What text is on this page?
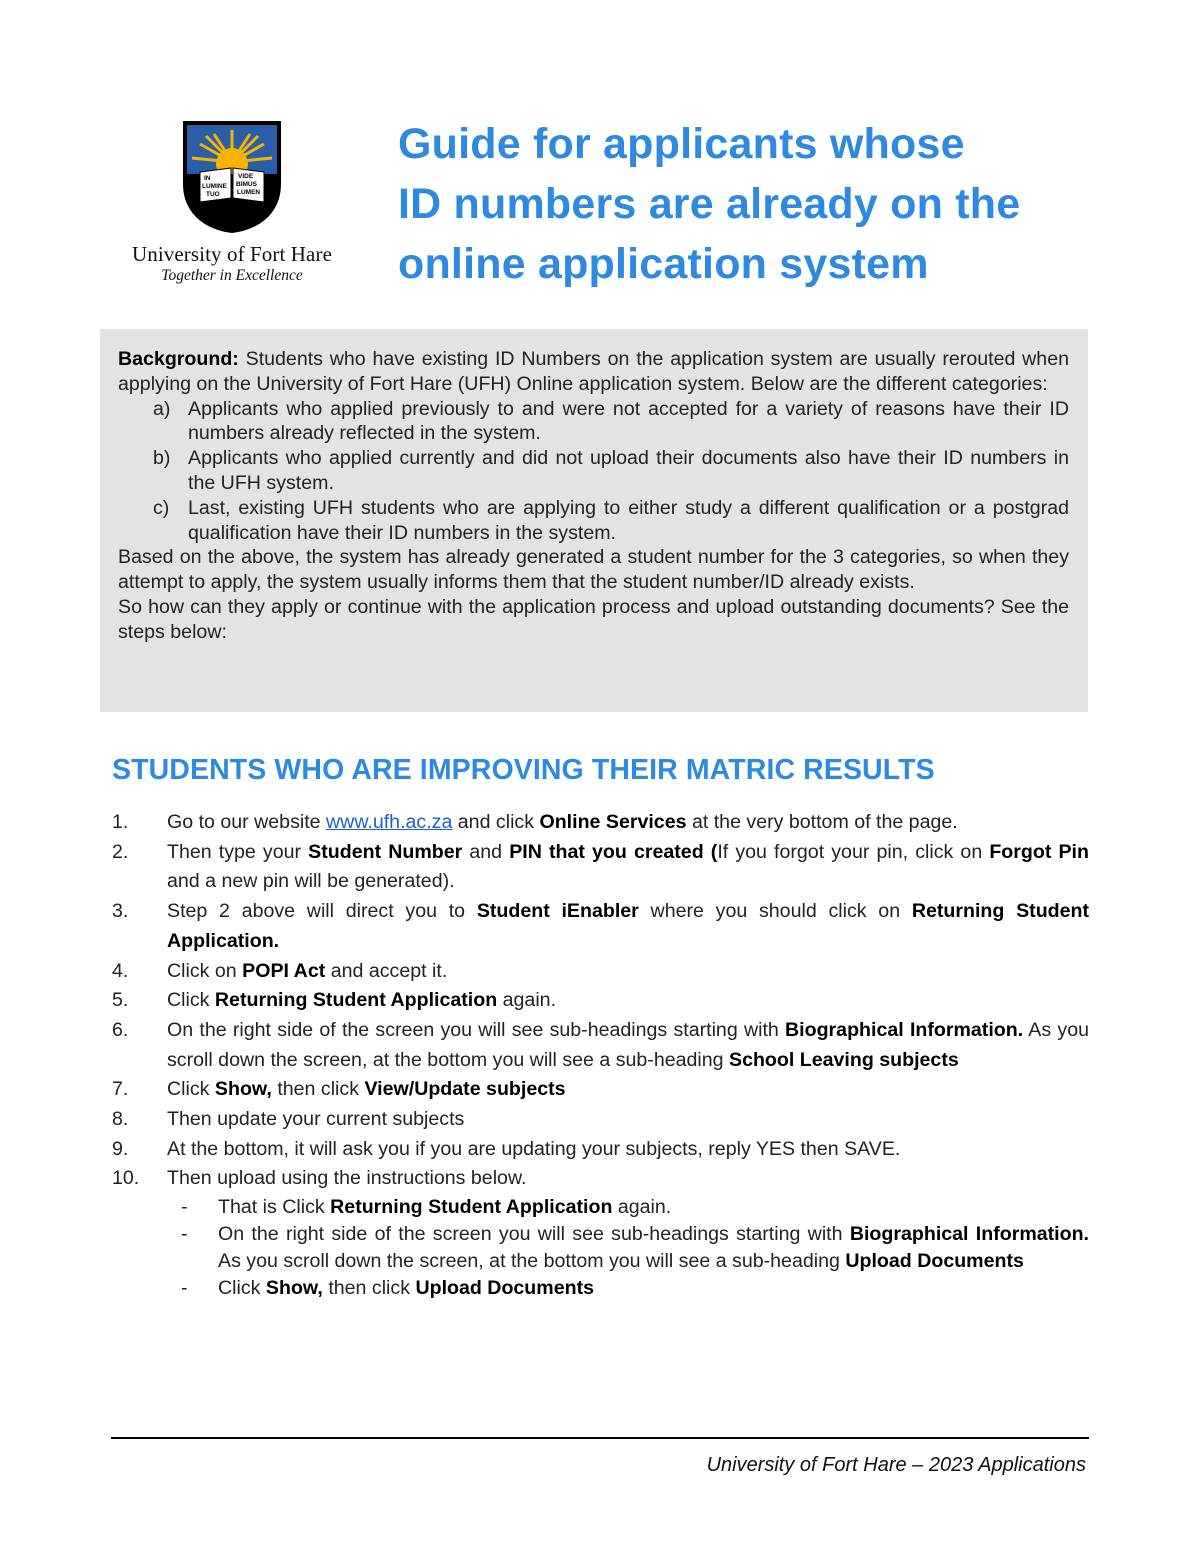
IN
LUMINE
TUO
VIDE
BIMUS
LUMEN
University of Fort Hare
Together in Excellence
Guide for applicants whose
ID numbers are already on the
online application system

Background: Students who have existing ID Numbers on the application system are usually rerouted when applying on the University of Fort Hare (UFH) Online application system. Below are the different categories:

a) Applicants who applied previously to and were not accepted for a variety of reasons have their ID numbers already reflected in the system.
b) Applicants who applied currently and did not upload their documents also have their ID numbers in the UFH system.
c) Last, existing UFH students who are applying to either study a different qualification or a postgrad qualification have their ID numbers in the system.

Based on the above, the system has already generated a student number for the 3 categories, so when they attempt to apply, the system usually informs them that the student number/ID already exists.

So how can they apply or continue with the application process and upload outstanding documents? See the steps below:

STUDENTS WHO ARE IMPROVING THEIR MATRIC RESULTS
1. Go to our website www.ufh.ac.za and click Online Services at the very bottom of the page.
2. Then type your Student Number and PIN that you created (If you forgot your pin, click on Forgot Pin and a new pin will be generated).
3. Step 2 above will direct you to Student iEnabler where you should click on Returning Student Application.
4. Click on POPI Act and accept it.
5. Click Returning Student Application again.
6. On the right side of the screen you will see sub-headings starting with Biographical Information. As you scroll down the screen, at the bottom you will see a sub-heading School Leaving subjects
7. Click Show, then click View/Update subjects
8. Then update your current subjects
9. At the bottom, it will ask you if you are updating your subjects, reply YES then SAVE.
10. Then upload using the instructions below.
- That is Click Returning Student Application again.
- On the right side of the screen you will see sub-headings starting with Biographical Information. As you scroll down the screen, at the bottom you will see a sub-heading Upload Documents
- Click Show, then click Upload Documents
University of Fort Hare – 2023 Applications
